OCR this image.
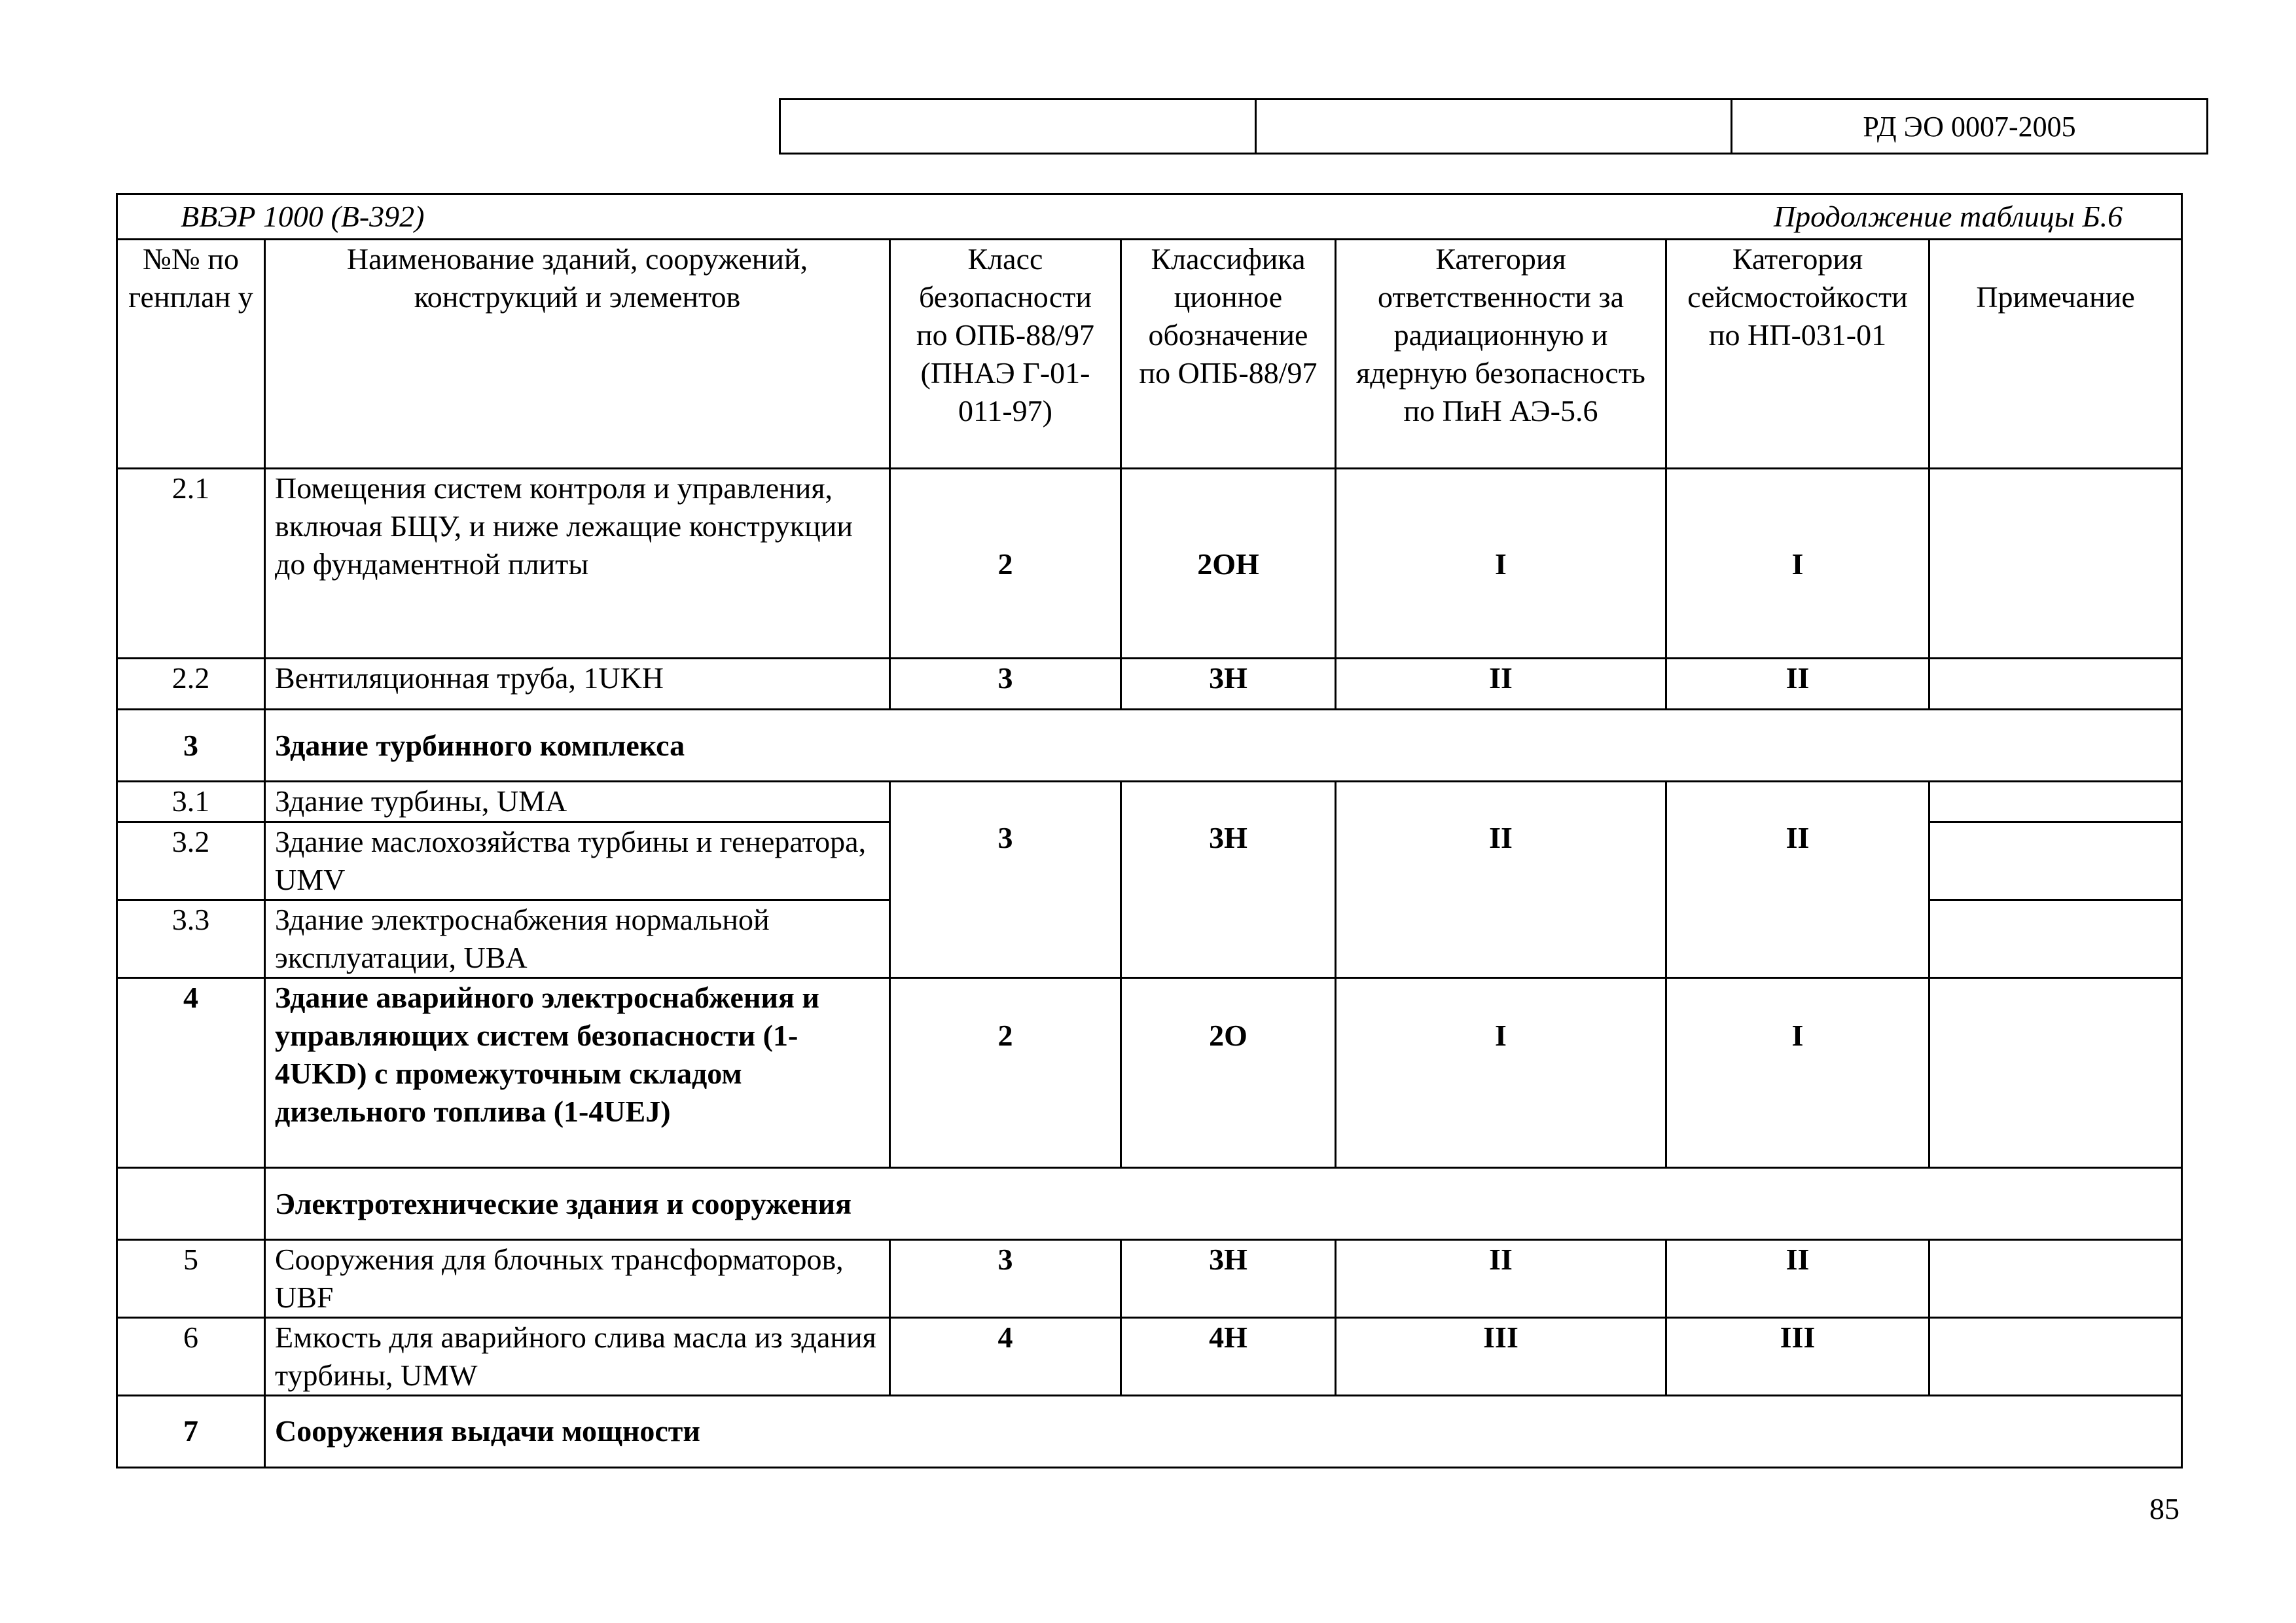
		РД ЭО 0007-2005
ВВЭР 1000 (В-392) Продолжение таблицы Б.6						

№№ по генплан у	Наименование зданий, сооружений, конструкций и элементов	Класс безопасности по ОПБ-88/97 (ПНАЭ Г-01-011-97)	Классифика ционное обозначение по ОПБ-88/97	Категория ответственности за радиационную и ядерную безопасность по ПиН АЭ-5.6	Категория сейсмостойкости по НП-031-01	Примечание
2.1	Помещения систем контроля и управления, включая БЩУ, и ниже лежащие конструкции до фундаментной плиты	2	2ОН	I	I	
2.2	Вентиляционная труба, 1UKH	3	3Н	II	II	
3	Здание турбинного комплекса					
3.1	Здание турбины, UMA	3	3Н	II	II	
3.2	Здание маслохозяйства турбины и генератора, UMV					
3.3	Здание электроснабжения нормальной эксплуатации, UBA					
4	Здание аварийного электроснабжения и управляющих систем безопасности (1-4UKD) с промежуточным складом дизельного топлива (1-4UEJ)	2	2О	I	I	
	Электротехнические здания и сооружения					
5	Сооружения для блочных трансформаторов, UBF	3	3Н	II	II	
6	Емкость для аварийного слива масла из здания турбины, UMW	4	4Н	III	III	
7	Сооружения выдачи мощности					
85
